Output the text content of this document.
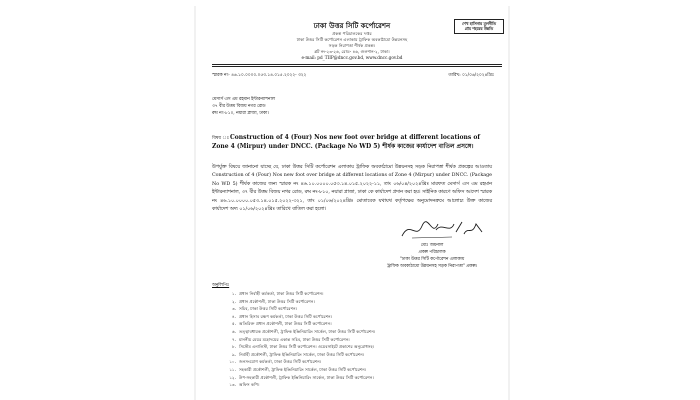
ঢাকা উত্তর সিটি কর্পোরেশন
প্রকল্প পরিচালকের দপ্তর
ঢাকা উত্তর সিটি কর্পোরেশন এলাকায় ট্রাফিক অবকাঠামো উন্নয়নসহ
সড়ক নিরাপত্তা শীর্ষক প্রকল্প।
প্লট নং-২৩-২৬, রোড- ৪৬, গুলশান-২, ঢাকা।
e-mail: pd_TIIP@dncc.gov.bd, www.dncc.gov.bd
শেখ হাসিনার মূলনীতি
গ্রাম শহরের উন্নতি
স্মারক নং- ৪৬.১০.০০০০.০৫৩.১৪.০১৫.২০২২- ৩২২	তারিখ: ০১/০৬/২০২৪খ্রিঃ
মেসার্স এস এম রহমান ইন্টারন্যাশনাল
৩৭ বীর উত্তম বিজয় নগর রোড
রুম নং-৮১০, নয়ারা প্লাজা, ঢাকা।
বিষয় ঃConstruction of 4 (Four) Nos new foot over bridge at different locations of Zone 4 (Mirpur) under DNCC. (Package No WD 5) শীর্ষক কাজের কার্যাদেশ বাতিল প্রসঙ্গে।
উপর্যুক্ত বিষয়ে জানানো যাচ্ছে যে, ঢাকা উত্তর সিটি কর্পোরেশন এলাকায় ট্রাফিক অবকাঠামো উন্নয়নসহ সড়ক নিরাপত্তা শীর্ষক প্রকল্পের আওতায় Construction of 4 (Four) Nos new foot over bridge at different locations of Zone 4 (Mirpur) under DNCC. (Package No WD 5) শীর্ষক কাজের জন্য স্মারক নং ৪৬.১০.০০০০.০৫৩.১৪.০১৫.২০২২-১১, তাং ০৬/০৪/২০২৪খ্রিঃ মারফত মেসার্স এস এম রহমান ইন্টারন্যাশনাল, ৩৭ বীর উত্তম বিজয় নগর রোড, রুম নং-৮১০, নয়ারা প্লাজা, ঢাকা কে কার্যাদেশ প্রদান করা হয়। সাইনিক কারণে অফিস আদেশ স্মারক নং ৪৬.১০.০০০০.০৫৩.১৪.০১৫.২০২২-৩২১, তাং ০১/০৬/২০২৪খ্রিঃ মোতাবেক যথাযথ কর্তৃপক্ষের অনুমোদনক্রমে আলোচ্য উক্ত কাজের কার্যাদেশ অদ্য ০১/০৬/২০২৪খ্রিঃ তারিখে বাতিল করা হলো।
মোঃ জয়নাল
প্রকল্প পরিচালক
"ঢাকা উত্তর সিটি কর্পোরেশন এলাকায়
ট্রাফিক অবকাঠামো উন্নয়নসহ সড়ক নিরাপত্তা" প্রকল্প।
অনুলিপিঃ
১. প্রধান নির্বাহী কর্মকর্তা, ঢাকা উত্তর সিটি কর্পোরেশন।
২. প্রধান প্রকৌশলী, ঢাকা উত্তর সিটি কর্পোরেশন।
৩. সচিব, ঢাকা উত্তর সিটি কর্পোরেশন।
৪. প্রধান হিসাব রক্ষণ কর্মকর্তা, ঢাকা উত্তর সিটি কর্পোরেশন।
৫. অতিরিক্ত প্রধান প্রকৌশলী, ঢাকা উত্তর সিটি কর্পোরেশন।
৬. তত্ত্বাবধায়ক প্রকৌশলী, ট্রাফিক ইঞ্জিনিয়ারিং সার্কেল, ঢাকা উত্তর সিটি কর্পোরেশন।
৭. মাননীয় মেয়র মহোদয়ের একান্ত সচিব, ঢাকা উত্তর সিটি কর্পোরেশন।
৮. সিস্টেম এনালিস্ট, ঢাকা উত্তর সিটি কর্পোরেশন। ওয়েবসাইটে প্রকাশের অনুরোধসহ।
৯. নির্বাহী প্রকৌশলী, ট্রাফিক ইঞ্জিনিয়ারিং সার্কেল, ঢাকা উত্তর সিটি কর্পোরেশন।
১০. জনসংযোগ কর্মকর্তা, ঢাকা উত্তর সিটি কর্পোরেশন।
১১. সহকারী প্রকৌশলী, ট্রাফিক ইঞ্জিনিয়ারিং সার্কেল, ঢাকা উত্তর সিটি কর্পোরেশন।
১২. উপ-সহকারী প্রকৌশলী, ট্রাফিক ইঞ্জিনিয়ারিং সার্কেল, ঢাকা উত্তর সিটি কর্পোরেশন।
১৩. অফিস কপি।
